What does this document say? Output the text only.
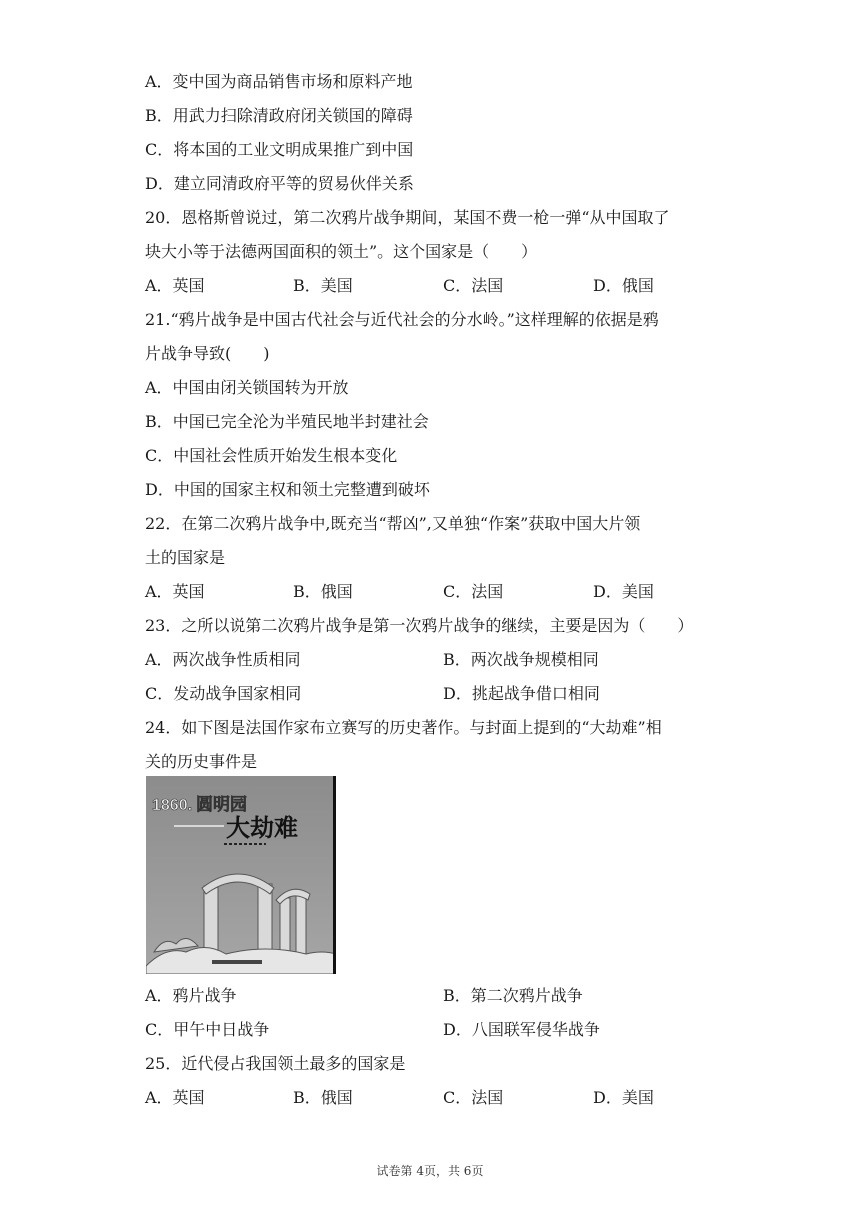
A．变中国为商品销售市场和原料产地
B．用武力扫除清政府闭关锁国的障碍
C．将本国的工业文明成果推广到中国
D．建立同清政府平等的贸易伙伴关系
20．恩格斯曾说过，第二次鸦片战争期间，某国不费一枪一弹“从中国取了
块大小等于法德两国面积的领土”。这个国家是（　　）
A．英国	B．美国	C．法国	D．俄国
21.“鸦片战争是中国古代社会与近代社会的分水岭。”这样理解的依据是鸦
片战争导致(　　)
A．中国由闭关锁国转为开放
B．中国已完全沦为半殖民地半封建社会
C．中国社会性质开始发生根本变化
D．中国的国家主权和领土完整遭到破坏
22．在第二次鸦片战争中,既充当“帮凶”,又单独“作案”获取中国大片领
土的国家是
A．英国	B．俄国	C．法国	D．美国
23．之所以说第二次鸦片战争是第一次鸦片战争的继续，主要是因为（　　）
A．两次战争性质相同	B．两次战争规模相同
C．发动战争国家相同	D．挑起战争借口相同
24．如下图是法国作家布立赛写的历史著作。与封面上提到的“大劫难”相
关的历史事件是
1860. 圆明园
大劫难
A．鸦片战争	B．第二次鸦片战争
C．甲午中日战争	D．八国联军侵华战争
25．近代侵占我国领土最多的国家是
A．英国	B．俄国	C．法国	D．美国
试卷第 4页，共 6页
